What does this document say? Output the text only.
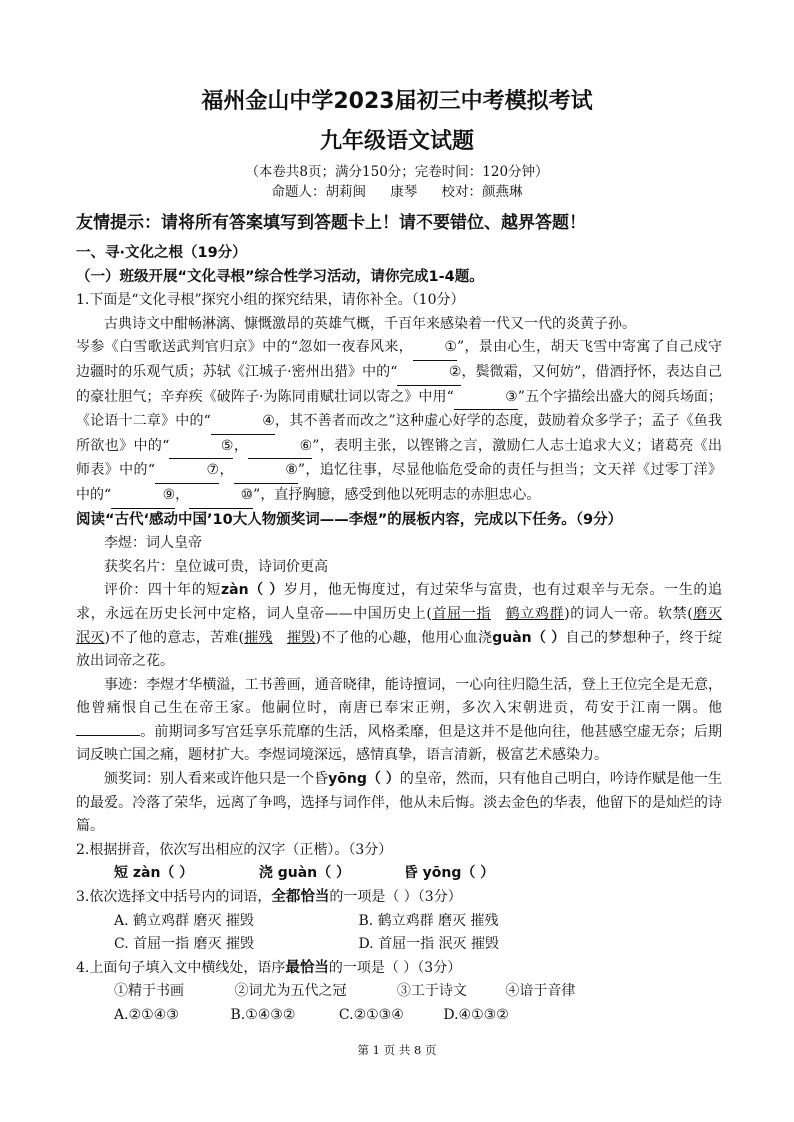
福州金山中学2023届初三中考模拟考试
九年级语文试题
（本卷共8页；满分150分；完卷时间：120分钟）
命题人：胡莉闽 康琴 校对：颜燕琳
友情提示：请将所有答案填写到答题卡上！请不要错位、越界答题！
一、寻·文化之根（19分）
（一）班级开展“文化寻根”综合性学习活动，请你完成1-4题。
1.下面是“文化寻根”探究小组的探究结果，请你补全。（10分）
古典诗文中酣畅淋漓、慷慨激昂的英雄气概，千百年来感染着一代又一代的炎黄子孙。
岑参《白雪歌送武判官归京》中的“忽如一夜春风来， ①”，景由心生，胡天飞雪中寄寓了自己戍守边疆时的乐观气质；苏轼《江城子·密州出猎》中的“	②，鬓微霜，又何妨”，借酒抒怀，表达自己的豪壮胆气；辛弃疾《破阵子·为陈同甫赋壮词以寄之》中用“	③”五个字描绘出盛大的阅兵场面；《论语十二章》中的“	④，其不善者而改之”这种虚心好学的态度，鼓励着众多学子；孟子《鱼我所欲也》中的“	⑤，	⑥”，表明主张，以铿锵之言，激励仁人志士追求大义；诸葛亮《出师表》中的“	⑦，	⑧”，追忆往事，尽显他临危受命的责任与担当；文天祥《过零丁洋》中的“	⑨，	⑩”，直抒胸臆，感受到他以死明志的赤胆忠心。
阅读“古代‘感动中国’10大人物颁奖词——李煜”的展板内容，完成以下任务。（9分）
李煜：词人皇帝
获奖名片：皇位诚可贵，诗词价更高
评价：四十年的短zàn（ ）岁月，他无悔度过，有过荣华与富贵，也有过艰辛与无奈。一生的追求，永远在历史长河中定格，词人皇帝——中国历史上(首屈一指　 鹤立鸡群)的词人一帝。软禁(磨灭　泯灭)不了他的意志，苦难(摧残　 摧毁)不了他的心趣，他用心血浇guàn（ ）自己的梦想种子，终于绽放出词帝之花。
事迹：李煜才华横溢，工书善画，通音晓律，能诗擅词，一心向往归隐生活，登上王位完全是无意，他曾痛恨自己生在帝王家。他嗣位时，南唐已奉宋正朔，多次入宋朝进贡，苟安于江南一隅。他。前期词多写宫廷享乐荒靡的生活，风格柔靡，但是这并不是他向往，他甚感空虚无奈；后期词反映亡国之痛，题材扩大。李煜词境深远，感情真挚，语言清新，极富艺术感染力。
颁奖词：别人看来或许他只是一个昏yōng（ ）的皇帝，然而，只有他自己明白，吟诗作赋是他一生的最爱。冷落了荣华，远离了争鸣，选择与词作伴，他从未后悔。淡去金色的华表，他留下的是灿烂的诗篇。
2.根据拼音，依次写出相应的汉字（正楷）。（3分）
短 zàn（ ）	浇 guàn（ ）	昏 yōng（ ）
3.依次选择文中括号内的词语，全都恰当的一项是（ ）（3分）
A. 鹤立鸡群 磨灭 摧毁	B. 鹤立鸡群 磨灭 摧残
C. 首屈一指 磨灭 摧毁	D. 首屈一指 泯灭 摧毁
4.上面句子填入文中横线处，语序最恰当的一项是（ ）（3分）
①精于书画	②词尤为五代之冠	③工于诗文	④谙于音律
A.②①④③	B.①④③②	C.②①③④	D.④①③②
第 1 页 共 8 页
